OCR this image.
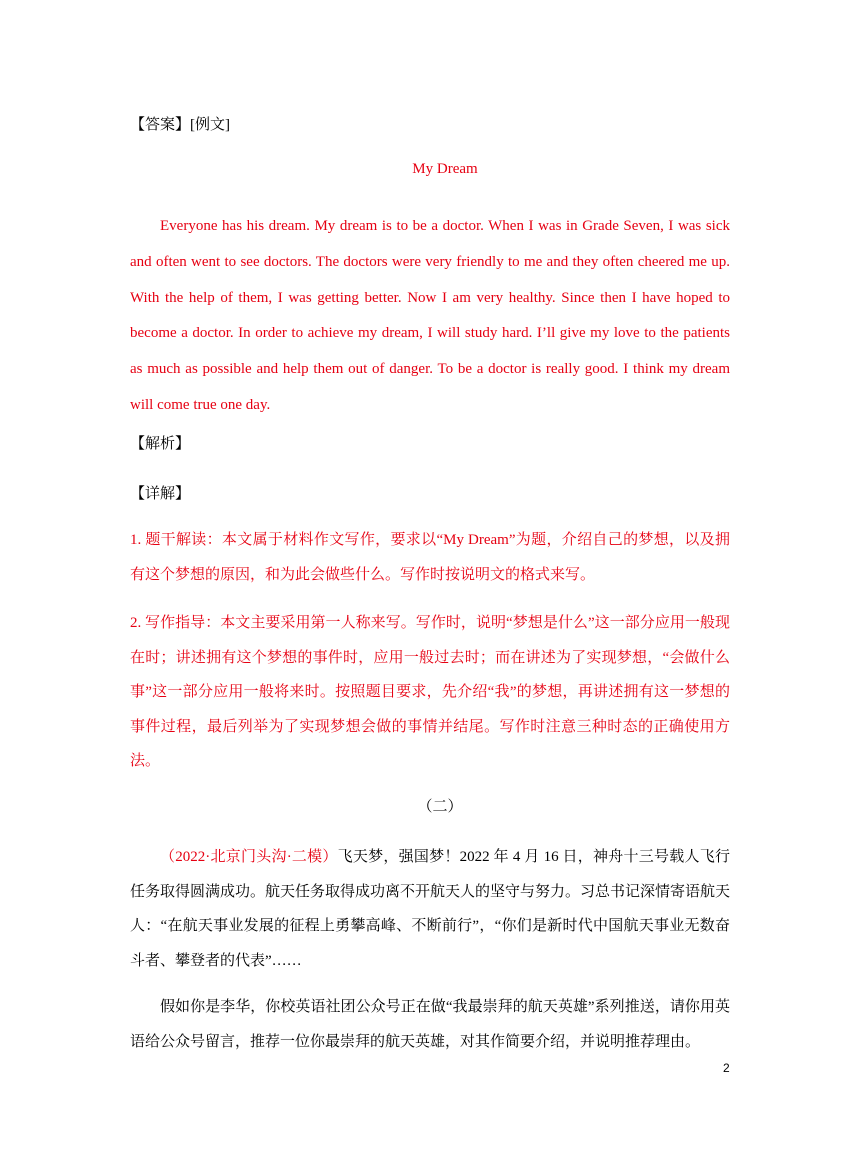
【答案】[例文]
My Dream
Everyone has his dream. My dream is to be a doctor. When I was in Grade Seven, I was sick and often went to see doctors. The doctors were very friendly to me and they often cheered me up. With the help of them, I was getting better. Now I am very healthy. Since then I have hoped to become a doctor. In order to achieve my dream, I will study hard. I’ll give my love to the patients as much as possible and help them out of danger. To be a doctor is really good. I think my dream will come true one day.
【解析】
【详解】
1. 题干解读：本文属于材料作文写作，要求以“My Dream”为题，介绍自己的梦想，以及拥有这个梦想的原因，和为此会做些什么。写作时按说明文的格式来写。
2. 写作指导：本文主要采用第一人称来写。写作时，说明“梦想是什么”这一部分应用一般现在时；讲述拥有这个梦想的事件时，应用一般过去时；而在讲述为了实现梦想，“会做什么事”这一部分应用一般将来时。按照题目要求，先介绍“我”的梦想，再讲述拥有这一梦想的事件过程，最后列举为了实现梦想会做的事情并结尾。写作时注意三种时态的正确使用方法。
（二）
（2022·北京门头沟·二模）飞天梦，强国梦！2022 年 4 月 16 日，神舟十三号载人飞行任务取得圆满成功。航天任务取得成功离不开航天人的坚守与努力。习总书记深情寄语航天人：“在航天事业发展的征程上勇攀高峰、不断前行”，“你们是新时代中国航天事业无数奋斗者、攀登者的代表”……
假如你是李华，你校英语社团公众号正在做“我最崇拜的航天英雄”系列推送，请你用英语给公众号留言，推荐一位你最崇拜的航天英雄，对其作简要介绍，并说明推荐理由。
2
